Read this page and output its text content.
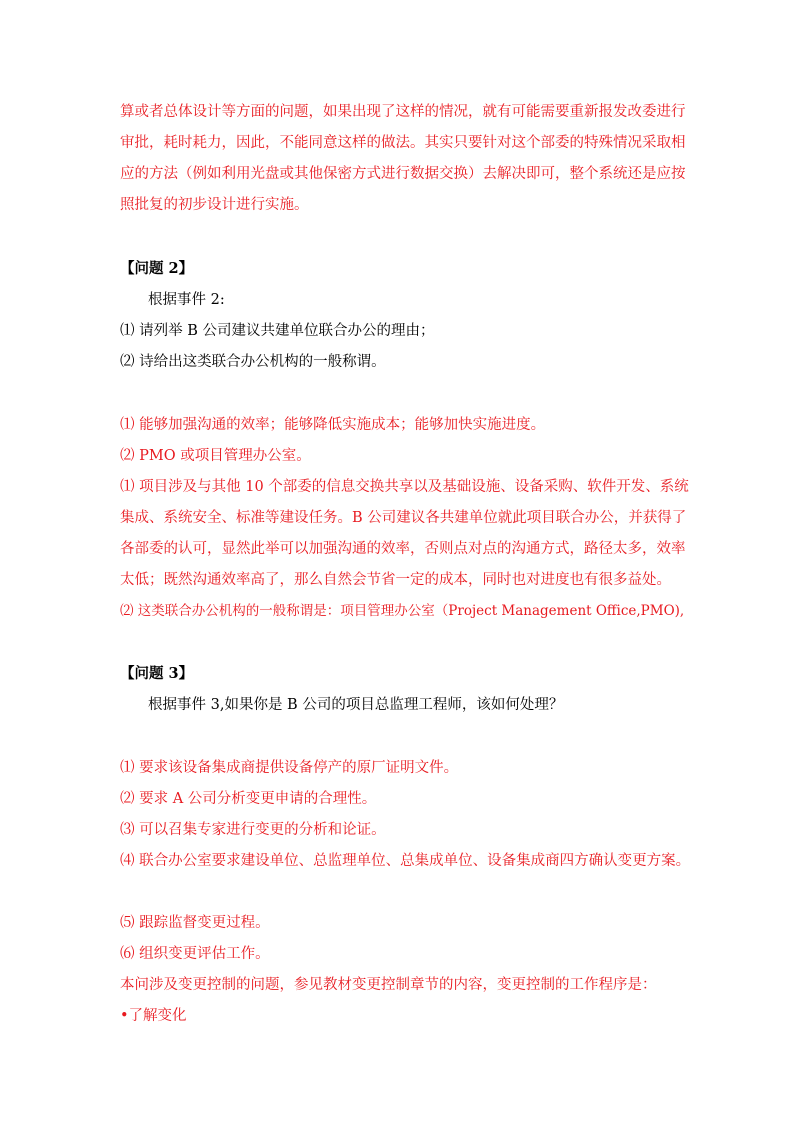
算或者总体设计等方面的问题，如果出现了这样的情况，就有可能需要重新报发改委进行
审批，耗时耗力，因此，不能同意这样的做法。其实只要针对这个部委的特殊情况采取相
应的方法（例如利用光盘或其他保密方式进行数据交换）去解决即可，整个系统还是应按
照批复的初步设计进行实施。
【问题 2】
根据事件 2:
⑴ 请列举 B 公司建议共建单位联合办公的理由；
⑵ 诗给出这类联合办公机构的一般称谓。
⑴ 能够加强沟通的效率；能够降低实施成本；能够加快实施进度。
⑵ PMO 或项目管理办公室。
⑴ 项目涉及与其他 10 个部委的信息交换共享以及基础设施、设备采购、软件开发、系统
集成、系统安全、标准等建设任务。B 公司建议各共建单位就此项目联合办公，并获得了
各部委的认可，显然此举可以加强沟通的效率，否则点对点的沟通方式，路径太多，效率
太低；既然沟通效率高了，那么自然会节省一定的成本，同时也对进度也有很多益处。
⑵ 这类联合办公机构的一般称谓是：项目管理办公室（Project Management Office,PMO),
【问题 3】
根据事件 3,如果你是 B 公司的项目总监理工程师，该如何处理？
⑴ 要求该设备集成商提供设备停产的原厂证明文件。
⑵ 要求 A 公司分析变更申请的合理性。
⑶ 可以召集专家进行变更的分析和论证。
⑷ 联合办公室要求建设单位、总监理单位、总集成单位、设备集成商四方确认变更方案。
⑸ 跟踪监督变更过程。
⑹ 组织变更评估工作。
本问涉及变更控制的问题，参见教材变更控制章节的内容，变更控制的工作程序是：
•了解变化
